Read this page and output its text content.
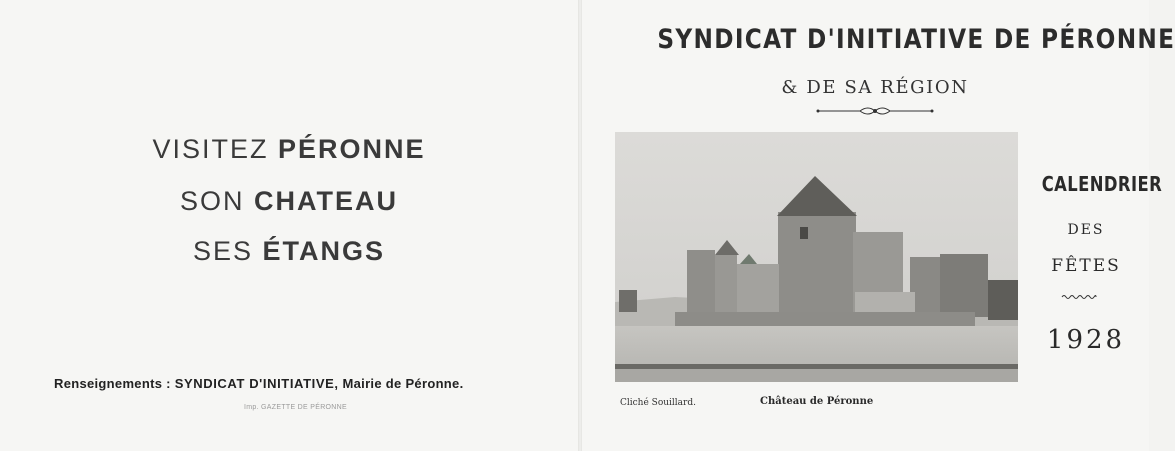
VISITEZ PÉRONNE
SON CHATEAU
SES ÉTANGS
Renseignements : SYNDICAT D'INITIATIVE, Mairie de Péronne.
Imp. GAZETTE DE PÉRONNE
SYNDICAT D'INITIATIVE DE PÉRONNE
& DE SA RÉGION
Cliché Souillard.	Château de Péronne
CALENDRIER
DES
FÊTES
1928
